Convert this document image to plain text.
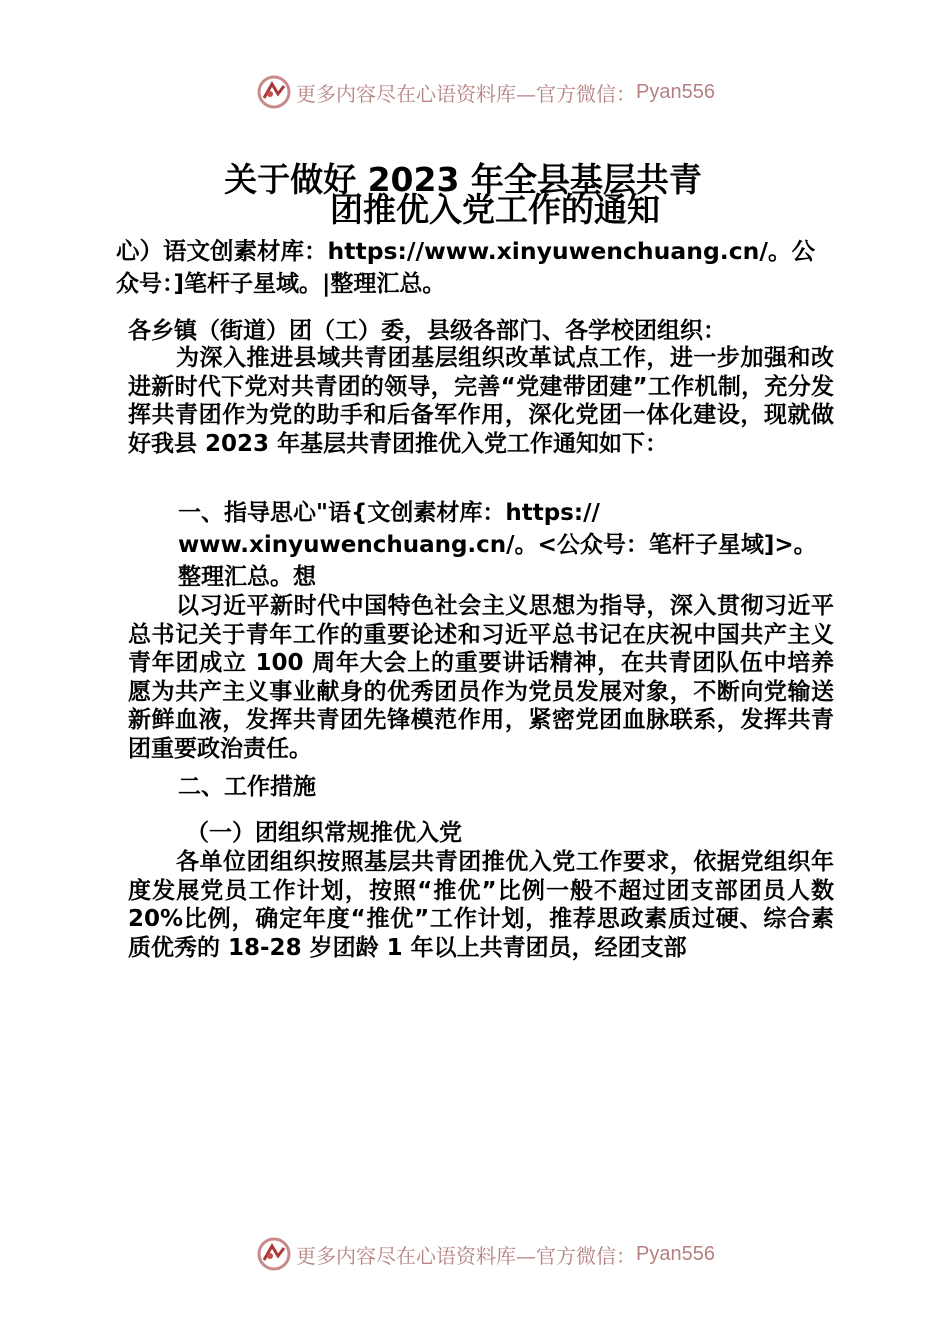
更多内容尽在心语资料库—官方微信： Pyan556
关于做好 2023 年全县基层共青
团推优入党工作的通知
心）语文创素材库：https://www.xinyuwenchuang.cn/。公
众号：]笔杆子星域。|整理汇总。
各乡镇（街道）团（工）委，县级各部门、各学校团组织：
为深入推进县域共青团基层组织改革试点工作，进一步加强和改进新时代下党对共青团的领导，完善“党建带团建”工作机制，充分发挥共青团作为党的助手和后备军作用，深化党团一体化建设，现就做好我县 2023 年基层共青团推优入党工作通知如下：
一、指导思心"语{文创素材库：https://
www.xinyuwenchuang.cn/。<公众号：笔杆子星域]>。
整理汇总。想
以习近平新时代中国特色社会主义思想为指导，深入贯彻习近平总书记关于青年工作的重要论述和习近平总书记在庆祝中国共产主义青年团成立 100 周年大会上的重要讲话精神，在共青团队伍中培养愿为共产主义事业献身的优秀团员作为党员发展对象，不断向党输送新鲜血液，发挥共青团先锋模范作用，紧密党团血脉联系，发挥共青团重要政治责任。
二、工作措施
（一）团组织常规推优入党
各单位团组织按照基层共青团推优入党工作要求，依据党组织年度发展党员工作计划，按照“推优”比例一般不超过团支部团员人数 20%比例，确定年度“推优”工作计划，推荐思政素质过硬、综合素质优秀的 18-28 岁团龄 1 年以上共青团员，经团支部
更多内容尽在心语资料库—官方微信： Pyan556
